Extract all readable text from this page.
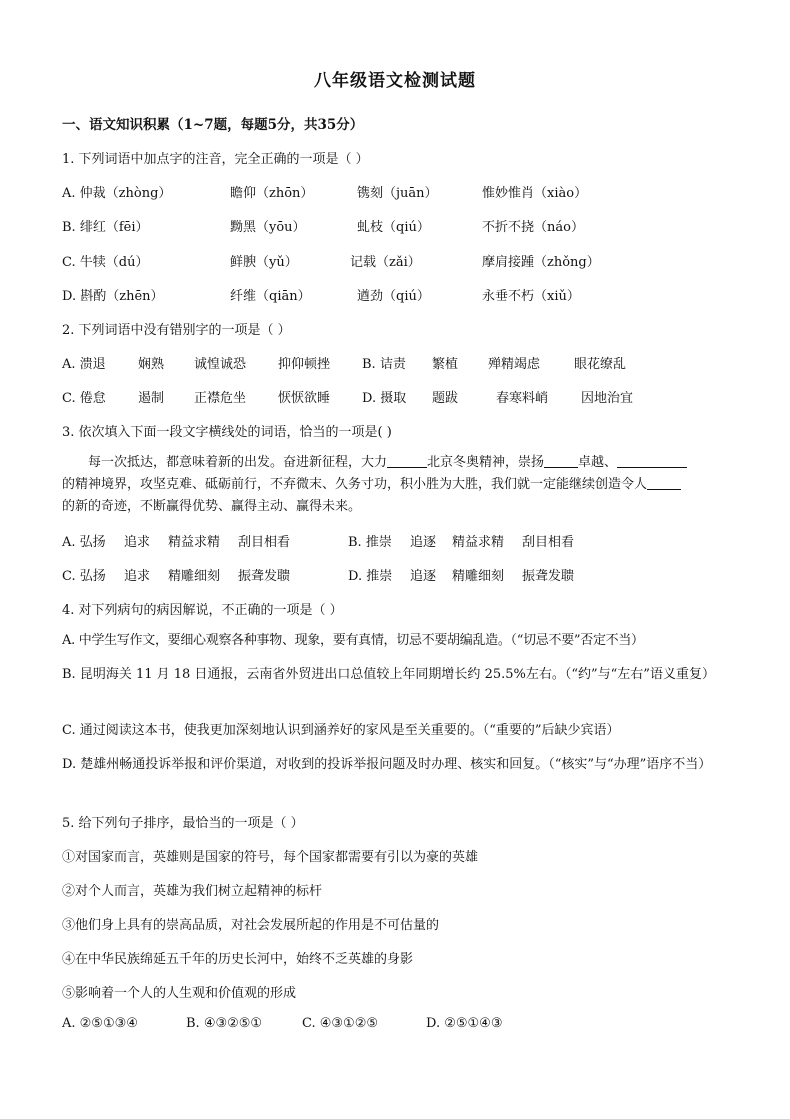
八年级语文检测试题
一、语文知识积累（1~7题，每题5分，共35分）
1. 下列词语中加点字的注音，完全正确的一项是（ ）
A. 仲裁（zhòng）	瞻仰（zhōn）	镌刻（juān）	惟妙惟肖（xiào）
B. 绯红（fēi）	黝黑（yōu）	虬枝（qiú）	不折不挠（náo）
C. 牛犊（dú）	鲜腴（yǔ）	记载（zǎi）	摩肩接踵（zhǒng）
D. 斟酌（zhēn）	纤维（qiān）	遒劲（qiú）	永垂不朽（xiǔ）
2. 下列词语中没有错别字的一项是（ ）
A. 溃退 娴熟 诚惶诚恐 抑仰顿挫 B. 诘责 繁植 殚精竭虑	眼花缭乱
C. 倦怠 遏制 正襟危坐 恹恹欲睡 D. 摄取 题跋	春寒料峭	因地治宜
3. 依次填入下面一段文字横线处的词语，恰当的一项是( )

每一次抵达，都意味着新的出发。奋进新征程，大力	北京冬奥精神，崇扬	卓越、

的精神境界，攻坚克难、砥砺前行，不弃微末、久务寸功，积小胜为大胜，我们就一定能继续创造令人

的新的奇迹，不断赢得优势、赢得主动、赢得未来。

A. 弘扬 追求 精益求精 刮目相看	B. 推崇 追逐 精益求精 刮目相看
C. 弘扬 追求 精雕细刻 振聋发聩	D. 推崇 追逐 精雕细刻 振聋发聩
4. 对下列病句的病因解说，不正确的一项是（ ）
A. 中学生写作文，要细心观察各种事物、现象，要有真情，切忌不要胡编乱造。（“切忌不要”否定不当）
B. 昆明海关 11 月 18 日通报，云南省外贸进出口总值较上年同期增长约 25.5%左右。（“约”与“左右”语义重复）
C. 通过阅读这本书，使我更加深刻地认识到涵养好的家风是至关重要的。（“重要的”后缺少宾语）
D. 楚雄州畅通投诉举报和评价渠道，对收到的投诉举报问题及时办理、核实和回复。（“核实”与“办理”语序不当）
5. 给下列句子排序，最恰当的一项是（ ）
①对国家而言，英雄则是国家的符号，每个国家都需要有引以为豪的英雄
②对个人而言，英雄为我们树立起精神的标杆
③他们身上具有的崇高品质，对社会发展所起的作用是不可估量的
④在中华民族绵延五千年的历史长河中，始终不乏英雄的身影
⑤影响着一个人的人生观和价值观的形成
A. ②⑤①③④	B. ④③②⑤①	C. ④③①②⑤	D. ②⑤①④③
